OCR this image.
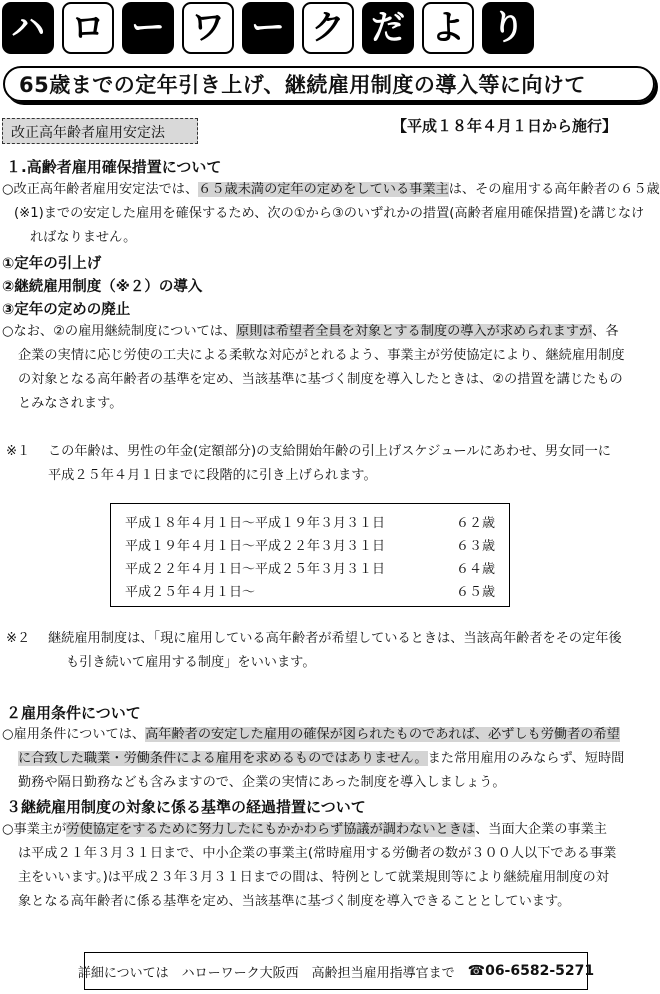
ハ ロ ー ワ ー ク だ よ り
65歳までの定年引き上げ、継続雇用制度の導入等に向けて
改正高年齢者雇用安定法	【平成１８年４月１日から施行】
１.高齢者雇用確保措置について
○改正高年齢者雇用安定法では、６５歳未満の定年の定めをしている事業主は、その雇用する高年齢者の６５歳
(※1)までの安定した雇用を確保するため、次の①から③のいずれかの措置(高齢者雇用確保措置)を講じなけ
ればなりません。
①定年の引上げ
②継続雇用制度（※２）の導入
③定年の定めの廃止
○なお、②の雇用継続制度については、原則は希望者全員を対象とする制度の導入が求められますが、各
企業の実情に応じ労使の工夫による柔軟な対応がとれるよう、事業主が労使協定により、継続雇用制度
の対象となる高年齢者の基準を定め、当該基準に基づく制度を導入したときは、②の措置を講じたもの
とみなされます。
※１ この年齢は、男性の年金(定額部分)の支給開始年齢の引上げスケジュールにあわせ、男女同一に
平成２５年４月１日までに段階的に引き上げられます。
平成１８年４月１日～平成１９年３月３１日	６２歳
平成１９年４月１日～平成２２年３月３１日	６３歳
平成２２年４月１日～平成２５年３月３１日	６４歳
平成２５年４月１日～	６５歳
※２ 継続雇用制度は、「現に雇用している高年齢者が希望しているときは、当該高年齢者をその定年後
も引き続いて雇用する制度」をいいます。
２雇用条件について
○雇用条件については、高年齢者の安定した雇用の確保が図られたものであれば、必ずしも労働者の希望
に合致した職業・労働条件による雇用を求めるものではありません。また常用雇用のみならず、短時間
勤務や隔日勤務なども含みますので、企業の実情にあった制度を導入しましょう。
３継続雇用制度の対象に係る基準の経過措置について
○事業主が労使協定をするために努力したにもかかわらず協議が調わないときは、当面大企業の事業主
は平成２１年３月３１日まで、中小企業の事業主(常時雇用する労働者の数が３００人以下である事業
主をいいます。)は平成２３年３月３１日までの間は、特例として就業規則等により継続雇用制度の対
象となる高年齢者に係る基準を定め、当該基準に基づく制度を導入できることとしています。
詳細については　ハローワーク大阪西　高齢担当雇用指導官まで　 ☎06-6582-5271
